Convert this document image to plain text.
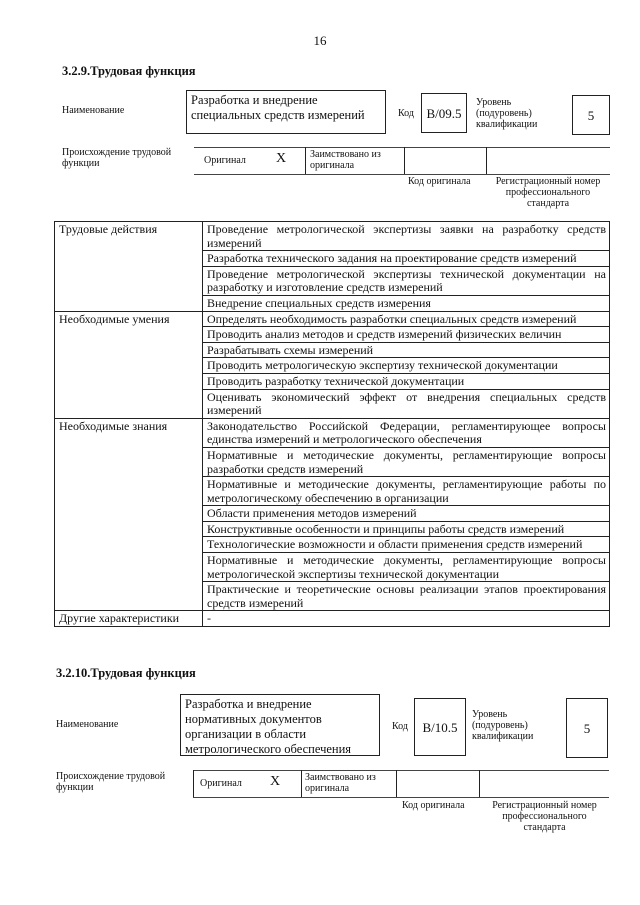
16
3.2.9.Трудовая функция
Наименование
Разработка и внедрение специальных средств измерений	Код B/09.5
Уровень (подуровень) квалификации
5
Происхождение трудовой функции	Оригинал X Заимствовано из оригинала
Код оригинала	Регистрационный номер профессионального стандарта
Трудовые действия	Проведение метрологической экспертизы заявки на разработку средств измерений
	Разработка технического задания на проектирование средств измерений
	Проведение метрологической экспертизы технической документации на разработку и изготовление средств измерений
	Внедрение специальных средств измерения
Необходимые умения	Определять необходимость разработки специальных средств измерений
	Проводить анализ методов и средств измерений физических величин
	Разрабатывать схемы измерений
	Проводить метрологическую экспертизу технической документации
	Проводить разработку технической документации
	Оценивать экономический эффект от внедрения специальных средств измерений
Необходимые знания	Законодательство Российской Федерации, регламентирующее вопросы единства измерений и метрологического обеспечения
	Нормативные и методические документы, регламентирующие вопросы разработки средств измерений
	Нормативные и методические документы, регламентирующие работы по метрологическому обеспечению в организации
	Области применения методов измерений
	Конструктивные особенности и принципы работы средств измерений
	Технологические возможности и области применения средств измерений
	Нормативные и методические документы, регламентирующие вопросы метрологической экспертизы технической документации
	Практические и теоретические основы реализации этапов проектирования средств измерений
Другие характеристики	-
3.2.10.Трудовая функция
Наименование
Разработка и внедрение нормативных документов организации в области метрологического обеспечения
Код	B/10.5
Уровень (подуровень) квалификации
5
Происхождение трудовой функции	Оригинал X Заимствовано из оригинала
Код оригинала	Регистрационный номер профессионального стандарта
